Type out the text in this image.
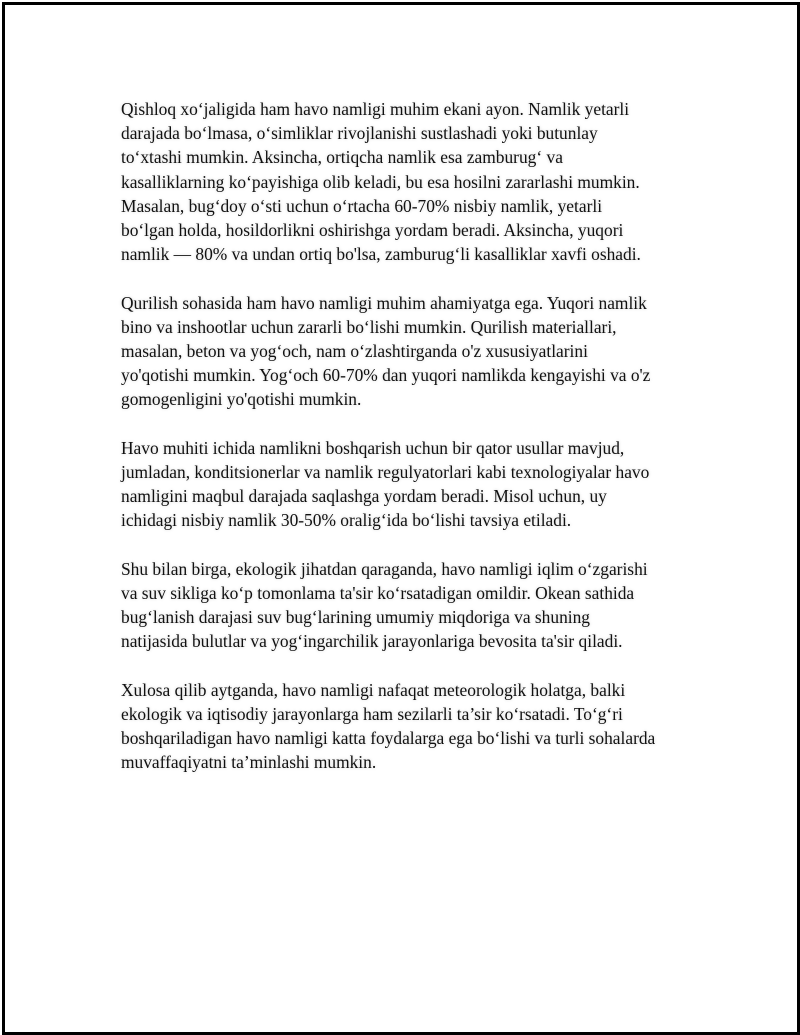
Qishloq xo‘jaligida ham havo namligi muhim ekani ayon. Namlik yetarli
darajada bo‘lmasa, o‘simliklar rivojlanishi sustlashadi yoki butunlay
to‘xtashi mumkin. Aksincha, ortiqcha namlik esa zamburug‘ va
kasalliklarning ko‘payishiga olib keladi, bu esa hosilni zararlashi mumkin.
Masalan, bug‘doy o‘sti uchun o‘rtacha 60-70% nisbiy namlik, yetarli
bo‘lgan holda, hosildorlikni oshirishga yordam beradi. Aksincha, yuqori
namlik — 80% va undan ortiq bo'lsa, zamburug‘li kasalliklar xavfi oshadi.

Qurilish sohasida ham havo namligi muhim ahamiyatga ega. Yuqori namlik
bino va inshootlar uchun zararli bo‘lishi mumkin. Qurilish materiallari,
masalan, beton va yog‘och, nam o‘zlashtirganda o'z xususiyatlarini
yo'qotishi mumkin. Yog‘och 60-70% dan yuqori namlikda kengayishi va o'z
gomogenligini yo'qotishi mumkin.

Havo muhiti ichida namlikni boshqarish uchun bir qator usullar mavjud,
jumladan, konditsionerlar va namlik regulyatorlari kabi texnologiyalar havo
namligini maqbul darajada saqlashga yordam beradi. Misol uchun, uy
ichidagi nisbiy namlik 30-50% oralig‘ida bo‘lishi tavsiya etiladi.

Shu bilan birga, ekologik jihatdan qaraganda, havo namligi iqlim o‘zgarishi
va suv sikliga ko‘p tomonlama ta'sir ko‘rsatadigan omildir. Okean sathida
bug‘lanish darajasi suv bug‘larining umumiy miqdoriga va shuning
natijasida bulutlar va yog‘ingarchilik jarayonlariga bevosita ta'sir qiladi.

Xulosa qilib aytganda, havo namligi nafaqat meteorologik holatga, balki
ekologik va iqtisodiy jarayonlarga ham sezilarli ta’sir ko‘rsatadi. To‘g‘ri
boshqariladigan havo namligi katta foydalarga ega bo‘lishi va turli sohalarda
muvaffaqiyatni ta’minlashi mumkin.
